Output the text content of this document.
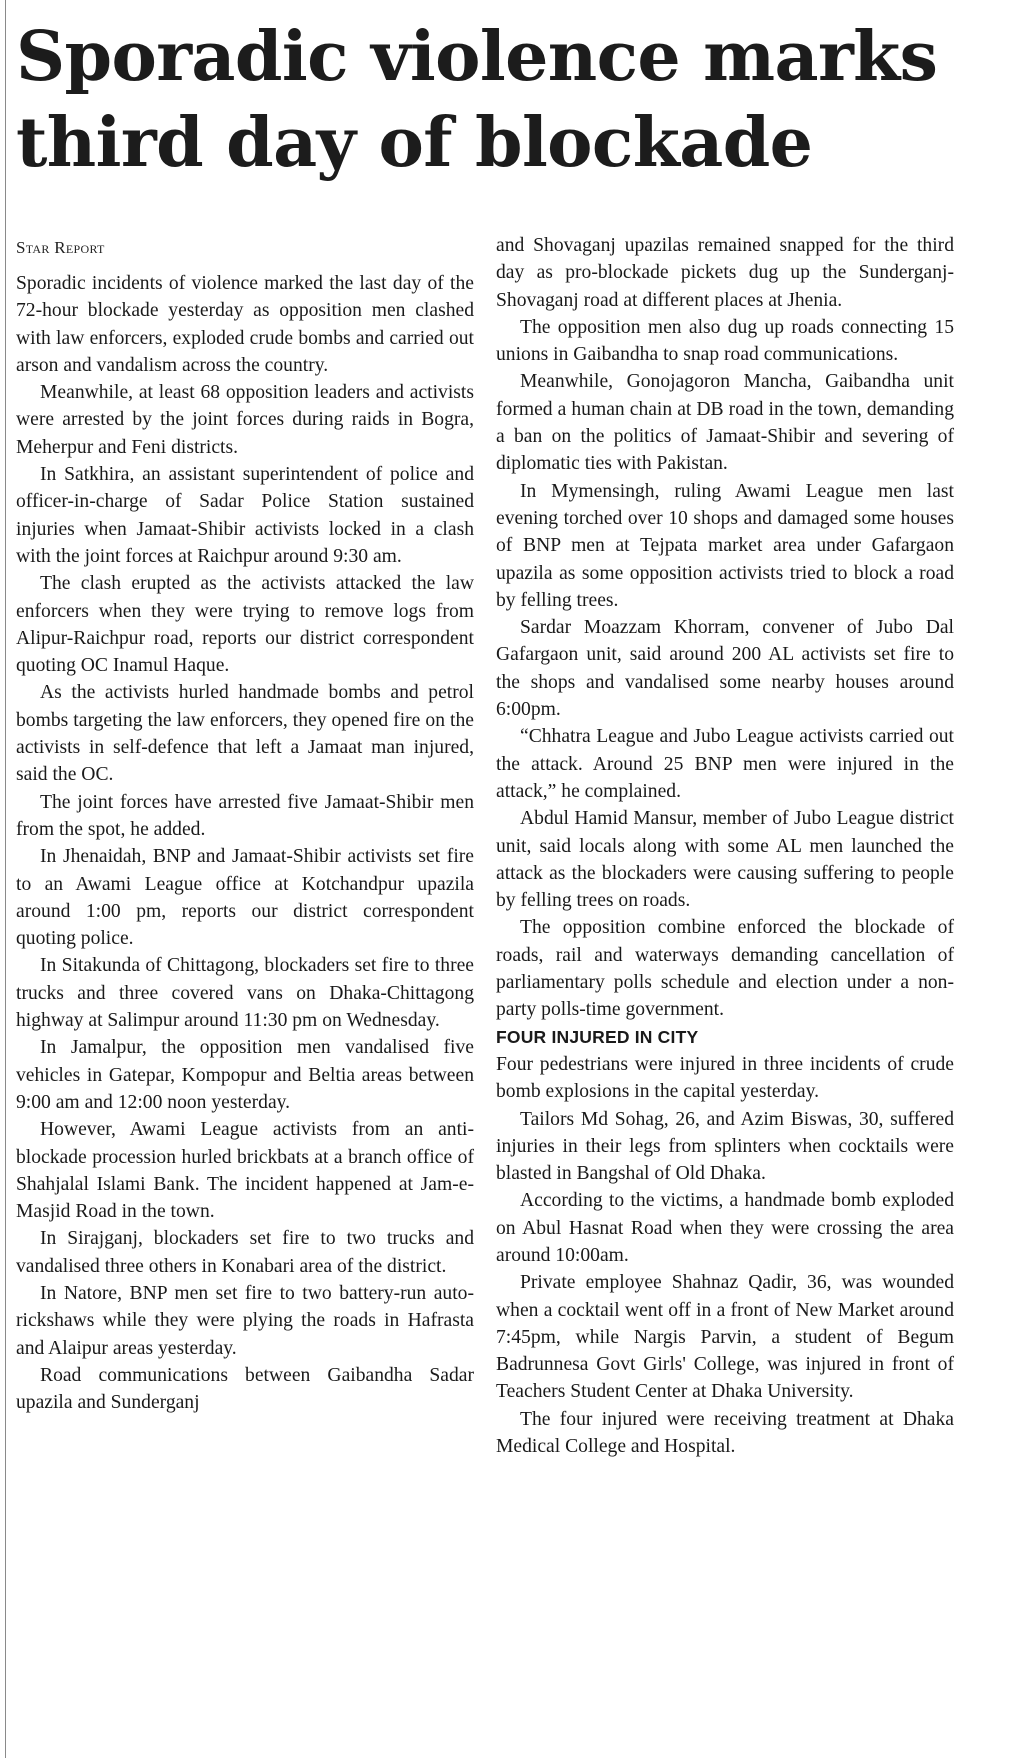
Sporadic violence marks third day of blockade
Star Report

Sporadic incidents of violence marked the last day of the 72-hour blockade yesterday as opposition men clashed with law enforcers, exploded crude bombs and carried out arson and vandalism across the country.

Meanwhile, at least 68 opposition leaders and activists were arrested by the joint forces during raids in Bogra, Meherpur and Feni districts.

In Satkhira, an assistant superintendent of police and officer-in-charge of Sadar Police Station sustained injuries when Jamaat-Shibir activists locked in a clash with the joint forces at Raichpur around 9:30 am.

The clash erupted as the activists attacked the law enforcers when they were trying to remove logs from Alipur-Raichpur road, reports our district correspondent quoting OC Inamul Haque.

As the activists hurled handmade bombs and petrol bombs targeting the law enforcers, they opened fire on the activists in self-defence that left a Jamaat man injured, said the OC.

The joint forces have arrested five Jamaat-Shibir men from the spot, he added.

In Jhenaidah, BNP and Jamaat-Shibir activists set fire to an Awami League office at Kotchandpur upazila around 1:00 pm, reports our district correspondent quoting police.

In Sitakunda of Chittagong, blockaders set fire to three trucks and three covered vans on Dhaka-Chittagong highway at Salimpur around 11:30 pm on Wednesday.

In Jamalpur, the opposition men vandalised five vehicles in Gatepar, Kompopur and Beltia areas between 9:00 am and 12:00 noon yesterday.

However, Awami League activists from an anti-blockade procession hurled brickbats at a branch office of Shahjalal Islami Bank. The incident happened at Jam-e-Masjid Road in the town.

In Sirajganj, blockaders set fire to two trucks and vandalised three others in Konabari area of the district.

In Natore, BNP men set fire to two battery-run auto-rickshaws while they were plying the roads in Hafrasta and Alaipur areas yesterday.

Road communications between Gaibandha Sadar upazila and Sunderganj

and Shovaganj upazilas remained snapped for the third day as pro-blockade pickets dug up the Sunderganj-Shovaganj road at different places at Jhenia.

The opposition men also dug up roads connecting 15 unions in Gaibandha to snap road communications.

Meanwhile, Gonojagoron Mancha, Gaibandha unit formed a human chain at DB road in the town, demanding a ban on the politics of Jamaat-Shibir and severing of diplomatic ties with Pakistan.

In Mymensingh, ruling Awami League men last evening torched over 10 shops and damaged some houses of BNP men at Tejpata market area under Gafargaon upazila as some opposition activists tried to block a road by felling trees.

Sardar Moazzam Khorram, convener of Jubo Dal Gafargaon unit, said around 200 AL activists set fire to the shops and vandalised some nearby houses around 6:00pm.

“Chhatra League and Jubo League activists carried out the attack. Around 25 BNP men were injured in the attack,” he complained.

Abdul Hamid Mansur, member of Jubo League district unit, said locals along with some AL men launched the attack as the blockaders were causing suffering to people by felling trees on roads.

The opposition combine enforced the blockade of roads, rail and waterways demanding cancellation of parliamentary polls schedule and election under a non-party polls-time government.

FOUR INJURED IN CITY

Four pedestrians were injured in three incidents of crude bomb explosions in the capital yesterday.

Tailors Md Sohag, 26, and Azim Biswas, 30, suffered injuries in their legs from splinters when cocktails were blasted in Bangshal of Old Dhaka.

According to the victims, a handmade bomb exploded on Abul Hasnat Road when they were crossing the area around 10:00am.

Private employee Shahnaz Qadir, 36, was wounded when a cocktail went off in a front of New Market around 7:45pm, while Nargis Parvin, a student of Begum Badrunnesa Govt Girls' College, was injured in front of Teachers Student Center at Dhaka University.

The four injured were receiving treatment at Dhaka Medical College and Hospital.
